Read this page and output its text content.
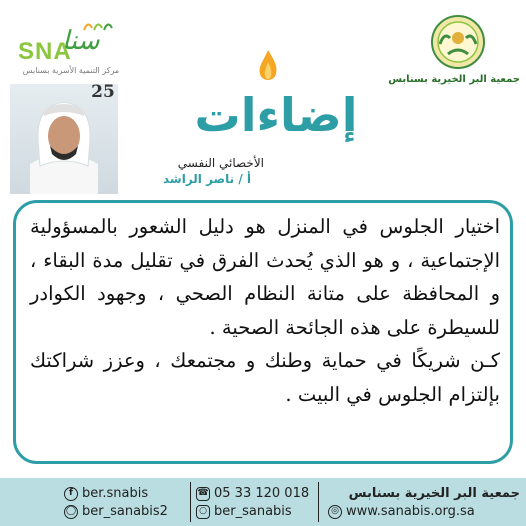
SNA
سنا
مركز التنمية الأسرية بسنابس
جمعية البر الخيرية بسنابس
إضاءات
25
الأخصائي النفسي
أ / ناصر الراشد

اختيار الجلوس في المنزل هو دليل الشعور بالمسؤولية الإجتماعية ، و هو الذي يُحدث الفرق في تقليل مدة البقاء ، و المحافظة على متانة النظام الصحي ، وجهود الكوادر للسيطرة على هذه الجائحة الصحية .

كـن شريكًا في حماية وطنك و مجتمعك ، وعزز شراكتك بإلتزام الجلوس في البيت .

f ber.snabis
◯ ber_sanabis2
☎ 05 33 120 018
○ ber_sanabis
جمعية البر الخيرية بسنابس
◎ www.sanabis.org.sa
